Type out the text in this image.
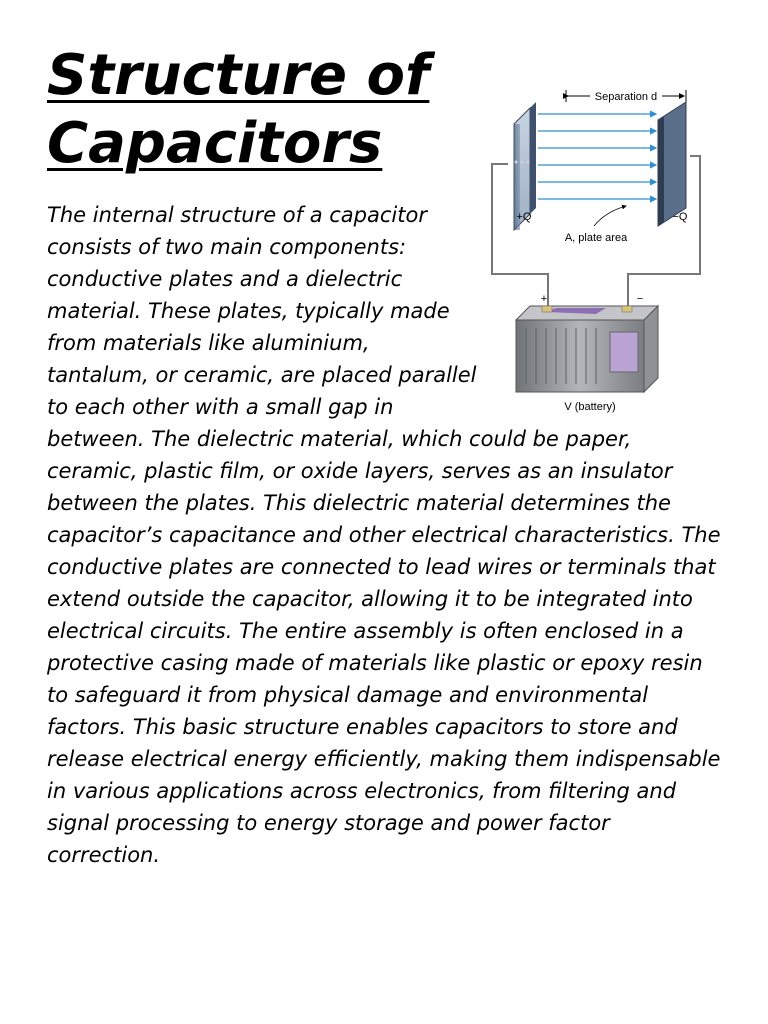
Structure of Capacitors
Separation d
+Q	−Q
A, plate area
+	−
V (battery)

The internal structure of a capacitor consists of two main components: conductive plates and a dielectric material. These plates, typically made from materials like aluminium, tantalum, or ceramic, are placed parallel to each other with a small gap in between. The dielectric material, which could be paper, ceramic, plastic film, or oxide layers, serves as an insulator between the plates. This dielectric material determines the capacitor’s capacitance and other electrical characteristics. The conductive plates are connected to lead wires or terminals that extend outside the capacitor, allowing it to be integrated into electrical circuits. The entire assembly is often enclosed in a protective casing made of materials like plastic or epoxy resin to safeguard it from physical damage and environmental factors. This basic structure enables capacitors to store and release electrical energy efficiently, making them indispensable in various applications across electronics, from filtering and signal processing to energy storage and power factor correction.
